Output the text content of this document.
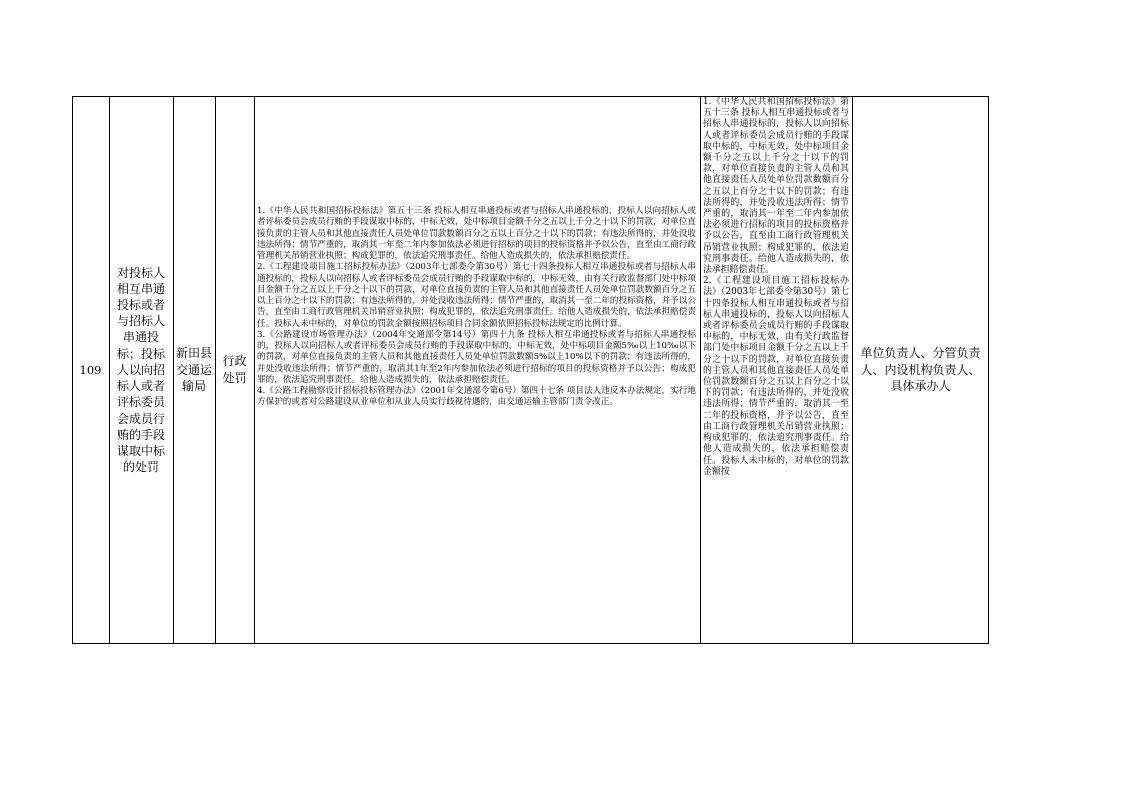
109
对投标人相互串通投标或者与招标人串通投标；投标人以向招标人或者评标委员会成员行贿的手段谋取中标的处罚
新田县交通运输局
行政处罚

1.《中华人民共和国招标投标法》第五十三条 投标人相互串通投标或者与招标人串通投标的，投标人以向招标人或者评标委员会成员行贿的手段谋取中标的，中标无效，处中标项目金额千分之五以上千分之十以下的罚款，对单位直接负责的主管人员和其他直接责任人员处单位罚款数额百分之五以上百分之十以下的罚款；有违法所得的，并处没收违法所得；情节严重的，取消其一年至二年内参加依法必须进行招标的项目的投标资格并予以公告，直至由工商行政管理机关吊销营业执照；构成犯罪的，依法追究刑事责任。给他人造成损失的，依法承担赔偿责任。

2.《工程建设项目施工招标投标办法》（2003年七部委令第30号）第七十四条投标人相互串通投标或者与招标人串通投标的，投标人以向招标人或者评标委员会成员行贿的手段谋取中标的，中标无效，由有关行政监督部门处中标项目金额千分之五以上千分之十以下的罚款，对单位直接负责的主管人员和其他直接责任人员处单位罚款数额百分之五以上百分之十以下的罚款；有违法所得的，并处没收违法所得；情节严重的，取消其一至二年的投标资格，并予以公告，直至由工商行政管理机关吊销营业执照；构成犯罪的，依法追究刑事责任。给他人造成损失的，依法承担赔偿责任。投标人未中标的，对单位的罚款金额按照招标项目合同金额依照招标投标法规定的比例计算。

3.《公路建设市场管理办法》（2004年交通部令第14号）第四十九条 投标人相互串通投标或者与招标人串通投标的，投标人以向招标人或者评标委员会成员行贿的手段谋取中标的，中标无效，处中标项目金额5‰以上10‰以下的罚款，对单位直接负责的主管人员和其他直接责任人员处单位罚款数额5%以上10%以下的罚款；有违法所得的，并处没收违法所得；情节严重的，取消其1年至2年内参加依法必须进行招标的项目的投标资格并予以公告；构成犯罪的，依法追究刑事责任。给他人造成损失的，依法承担赔偿责任。

4.《公路工程勘察设计招标投标管理办法》（2001年交通部令第6号）第四十七条 项目法人违反本办法规定，实行地方保护的或者对公路建设从业单位和从业人员实行歧视待遇的，由交通运输主管部门责令改正。

1.《中华人民共和国招标投标法》第五十三条 投标人相互串通投标或者与招标人串通投标的，投标人以向招标人或者评标委员会成员行贿的手段谋取中标的，中标无效，处中标项目金额千分之五以上千分之十以下的罚款，对单位直接负责的主管人员和其他直接责任人员处单位罚款数额百分之五以上百分之十以下的罚款；有违法所得的，并处没收违法所得；情节严重的，取消其一年至二年内参加依法必须进行招标的项目的投标资格并予以公告，直至由工商行政管理机关吊销营业执照；构成犯罪的，依法追究刑事责任。给他人造成损失的，依法承担赔偿责任。

2.《工程建设项目施工招标投标办法》（2003年七部委令第30号）第七十四条投标人相互串通投标或者与招标人串通投标的，投标人以向招标人或者评标委员会成员行贿的手段谋取中标的，中标无效，由有关行政监督部门处中标项目金额千分之五以上千分之十以下的罚款，对单位直接负责的主管人员和其他直接责任人员处单位罚款数额百分之五以上百分之十以下的罚款；有违法所得的，并处没收违法所得；情节严重的，取消其一至二年的投标资格，并予以公告，直至由工商行政管理机关吊销营业执照；构成犯罪的，依法追究刑事责任。给他人造成损失的，依法承担赔偿责任。投标人未中标的，对单位的罚款金额按

单位负责人、分管负责人、内设机构负责人、具体承办人
